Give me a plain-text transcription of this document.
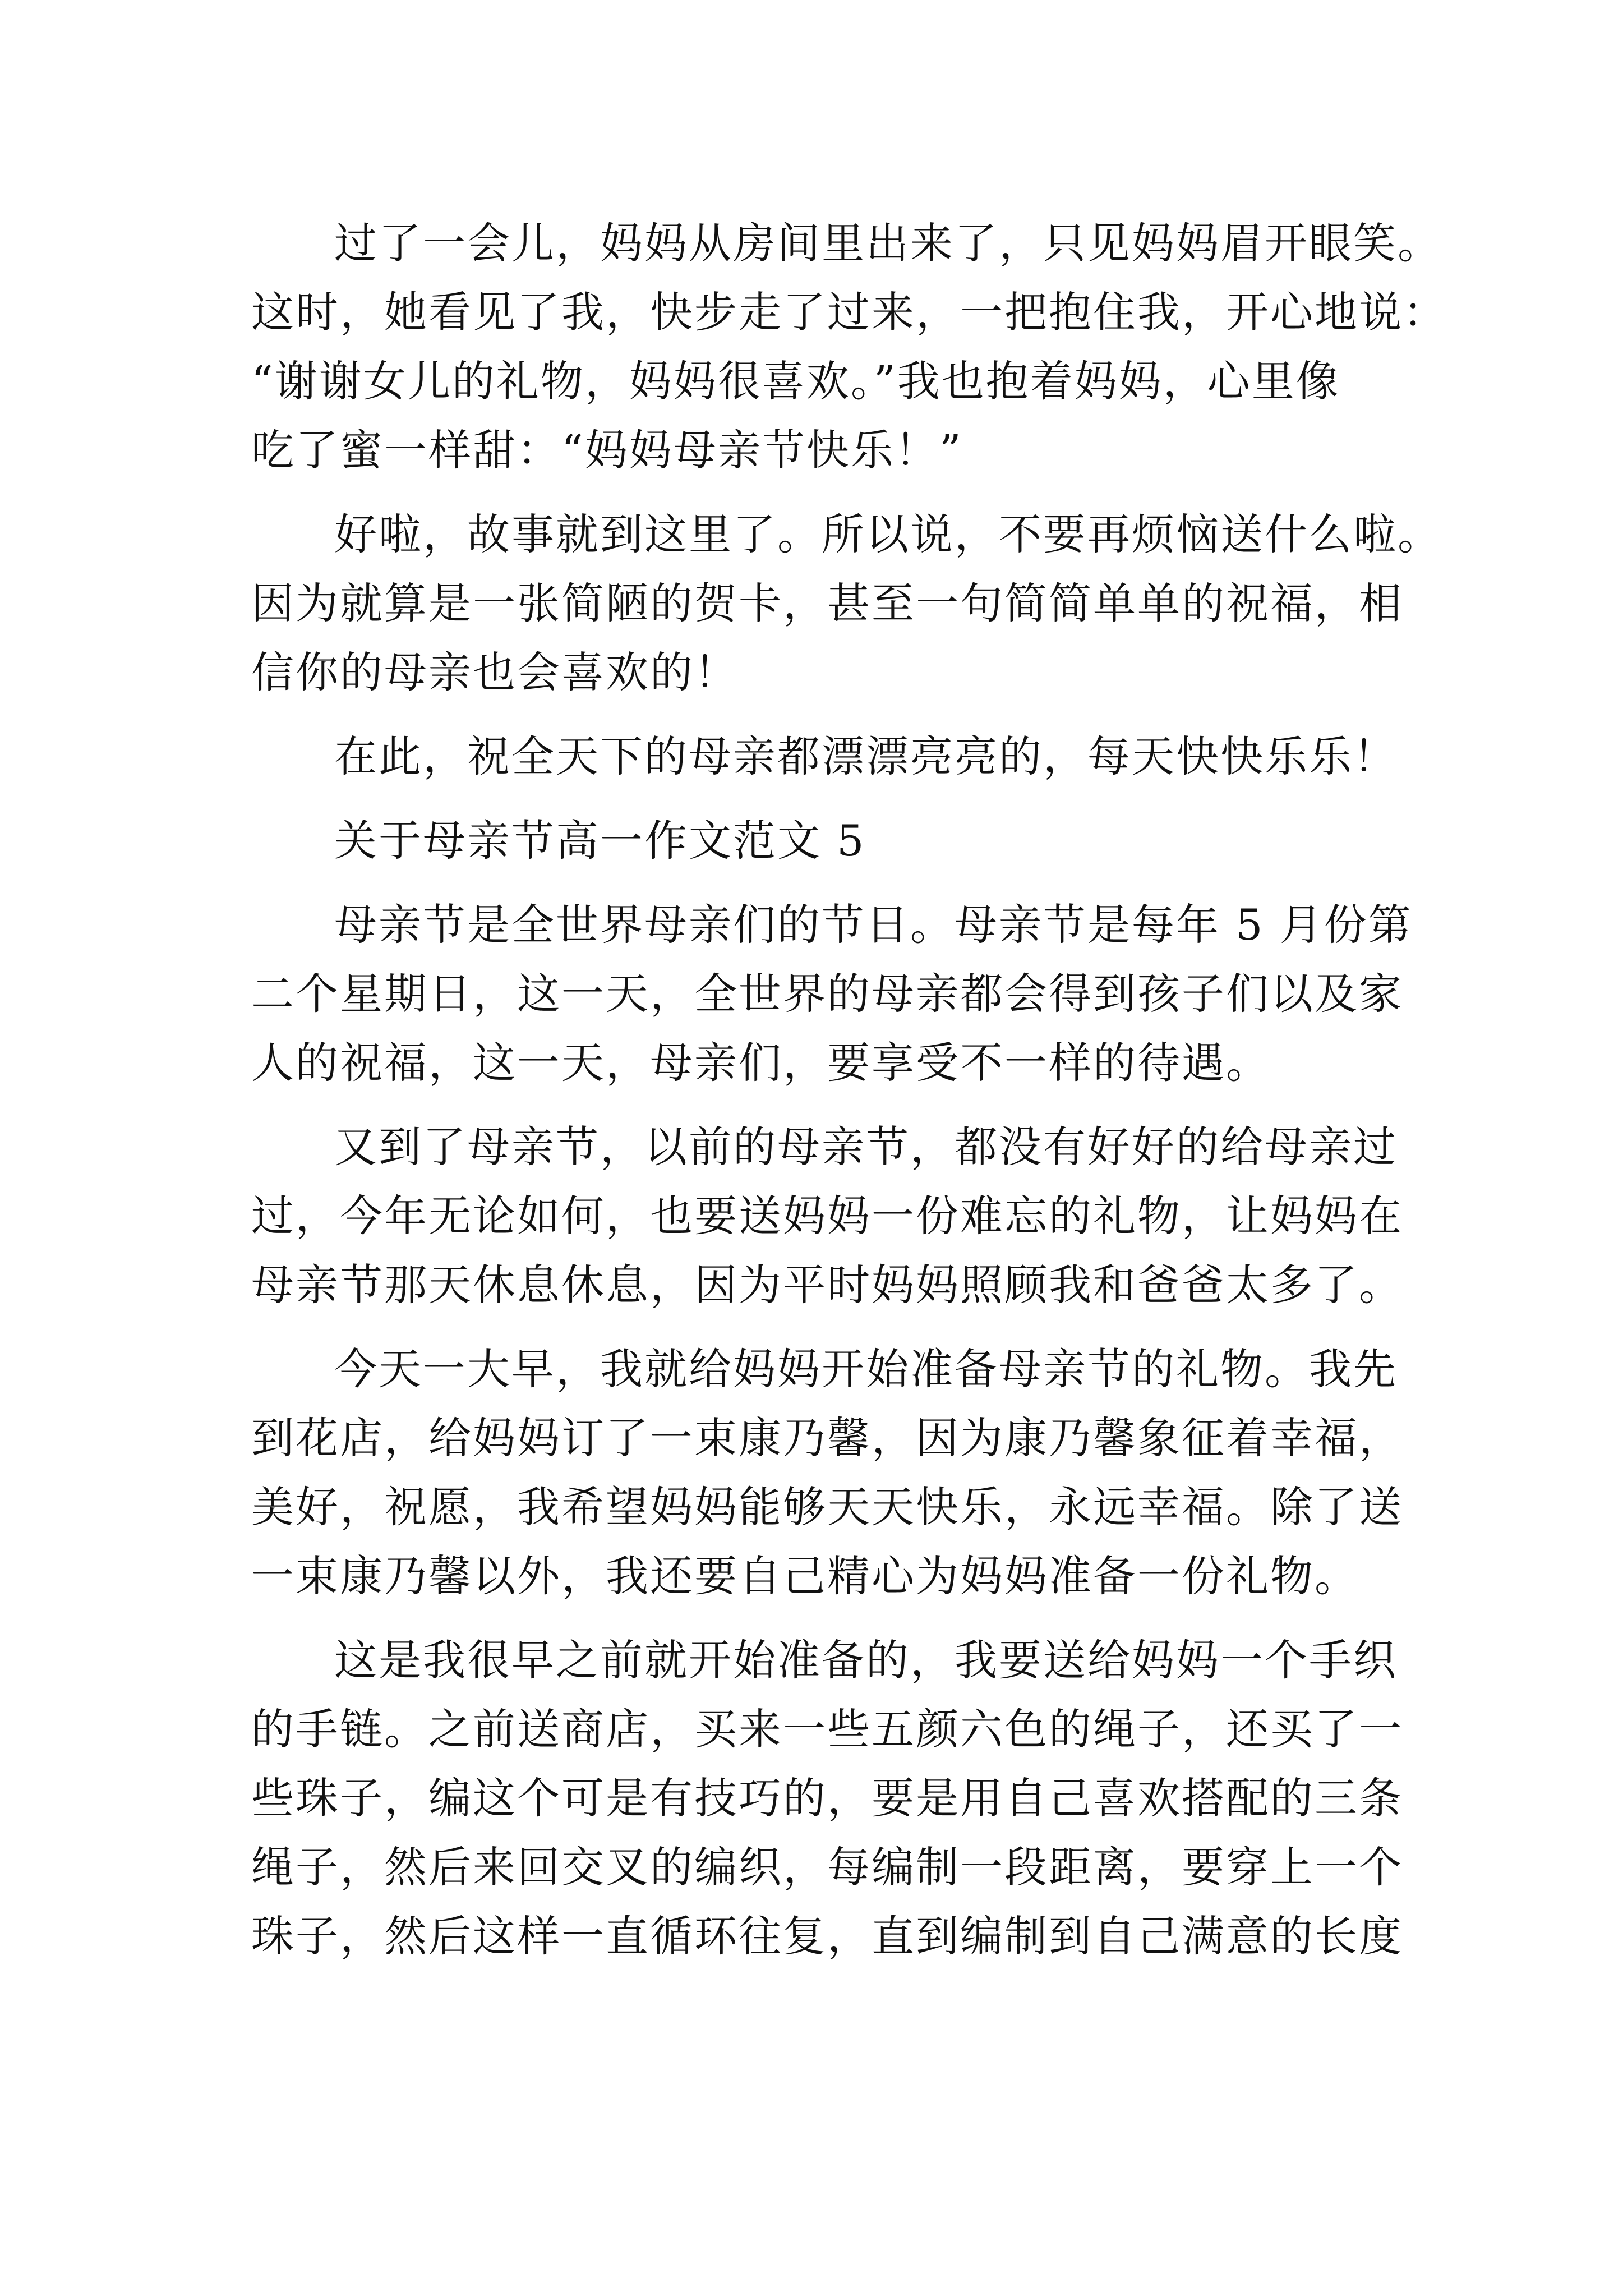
过了一会儿，妈妈从房间里出来了，只见妈妈眉开眼笑。
这时，她看见了我，快步走了过来，一把抱住我，开心地说：
“谢谢女儿的礼物，妈妈很喜欢。”我也抱着妈妈，心里像
吃了蜜一样甜：“妈妈母亲节快乐！”
好啦，故事就到这里了。所以说，不要再烦恼送什么啦。
因为就算是一张简陋的贺卡，甚至一句简简单单的祝福，相
信你的母亲也会喜欢的！
在此，祝全天下的母亲都漂漂亮亮的，每天快快乐乐！
关于母亲节高一作文范文 5
母亲节是全世界母亲们的节日。母亲节是每年 5 月份第
二个星期日，这一天，全世界的母亲都会得到孩子们以及家
人的祝福，这一天，母亲们，要享受不一样的待遇。
又到了母亲节，以前的母亲节，都没有好好的给母亲过
过，今年无论如何，也要送妈妈一份难忘的礼物，让妈妈在
母亲节那天休息休息，因为平时妈妈照顾我和爸爸太多了。
今天一大早，我就给妈妈开始准备母亲节的礼物。我先
到花店，给妈妈订了一束康乃馨，因为康乃馨象征着幸福，
美好，祝愿，我希望妈妈能够天天快乐，永远幸福。除了送
一束康乃馨以外，我还要自己精心为妈妈准备一份礼物。
这是我很早之前就开始准备的，我要送给妈妈一个手织
的手链。之前送商店，买来一些五颜六色的绳子，还买了一
些珠子，编这个可是有技巧的，要是用自己喜欢搭配的三条
绳子，然后来回交叉的编织，每编制一段距离，要穿上一个
珠子，然后这样一直循环往复，直到编制到自己满意的长度
